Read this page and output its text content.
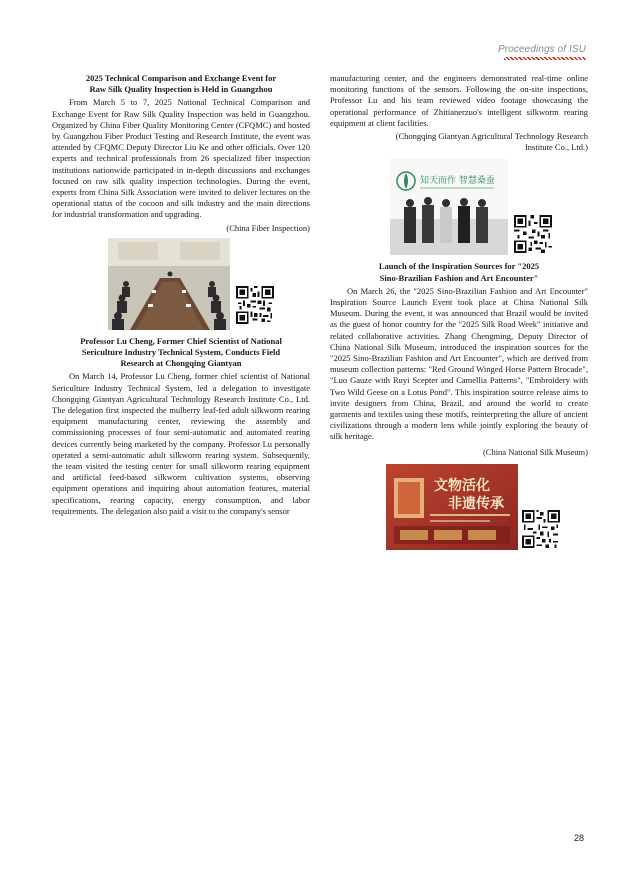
Proceedings of ISU
2025 Technical Comparison and Exchange Event for
Raw Silk Quality Inspection is Held in Guangzhou

From March 5 to 7, 2025 National Technical Comparison and Exchange Event for Raw Silk Quality Inspection was held in Guangzhou. Organized by China Fiber Quality Monitoring Center (CFQMC) and hosted by Guangzhou Fiber Product Testing and Research Institute, the event was attended by CFQMC Deputy Director Liu Ke and other officials. Over 120 experts and technical professionals from 26 specialized fiber inspection institutions nationwide participated in in-depth discussions and exchanges focused on raw silk quality inspection technologies. During the event, experts from China Silk Association were invited to deliver lectures on the operational status of the cocoon and silk industry and the main directions for industrial transformation and upgrading.

(China Fiber Inspection)
Professor Lu Cheng, Former Chief Scientist of National
Sericulture Industry Technical System, Conducts Field
Research at Chongqing Giantyan

On March 14, Professor Lu Cheng, former chief scientist of National Sericulture Industry Technical System, led a delegation to investigate Chongqing Giantyan Agricultural Technology Research Institute Co., Ltd. The delegation first inspected the mulberry leaf-fed adult silkworm rearing equipment manufacturing center, reviewing the assembly and commissioning processes of four semi-automatic and automated rearing devices currently being marketed by the company. Professor Lu personally operated a semi-automatic adult silkworm rearing system. Subsequently, the team visited the testing center for small silkworm rearing equipment and artificial feed-based silkworm cultivation systems, observing equipment operations and inquiring about automation features, material specifications, rearing capacity, energy consumption, and labor requirements. The delegation also paid a visit to the company's sensor

manufacturing center, and the engineers demonstrated real-time online monitoring functions of the sensors. Following the on-site inspections, Professor Lu and his team reviewed video footage showcasing the operational performance of Zhitianerzuo's intelligent silkworm rearing equipment at client facilities.

(Chongqing Giantyan Agricultural Technology Research
Institute Co., Ltd.)
知天而作 智慧桑蚕
Launch of the Inspiration Sources for "2025
Sino-Brazilian Fashion and Art Encounter"

On March 26, the "2025 Sino-Brazilian Fashion and Art Encounter" Inspiration Source Launch Event took place at China National Silk Museum. During the event, it was announced that Brazil would be invited as the guest of honor country for the "2025 Silk Road Week" initiative and related collaborative activities. Zhang Chengming, Deputy Director of China National Silk Museum, introduced the inspiration sources for the "2025 Sino-Brazilian Fashion and Art Encounter", which are derived from museum collection patterns: "Red Ground Winged Horse Pattern Brocade", "Luo Gauze with Ruyi Scepter and Camellia Patterns", "Embroidery with Two Wild Geese on a Lotus Pond". This inspiration source release aims to invite designers from China, Brazil, and around the world to create garments and textiles using these motifs, reinterpreting the allure of ancient civilizations through a modern lens while jointly exploring the beauty of silk heritage.

(China National Silk Museum)
文物活化
非遗传承
28
